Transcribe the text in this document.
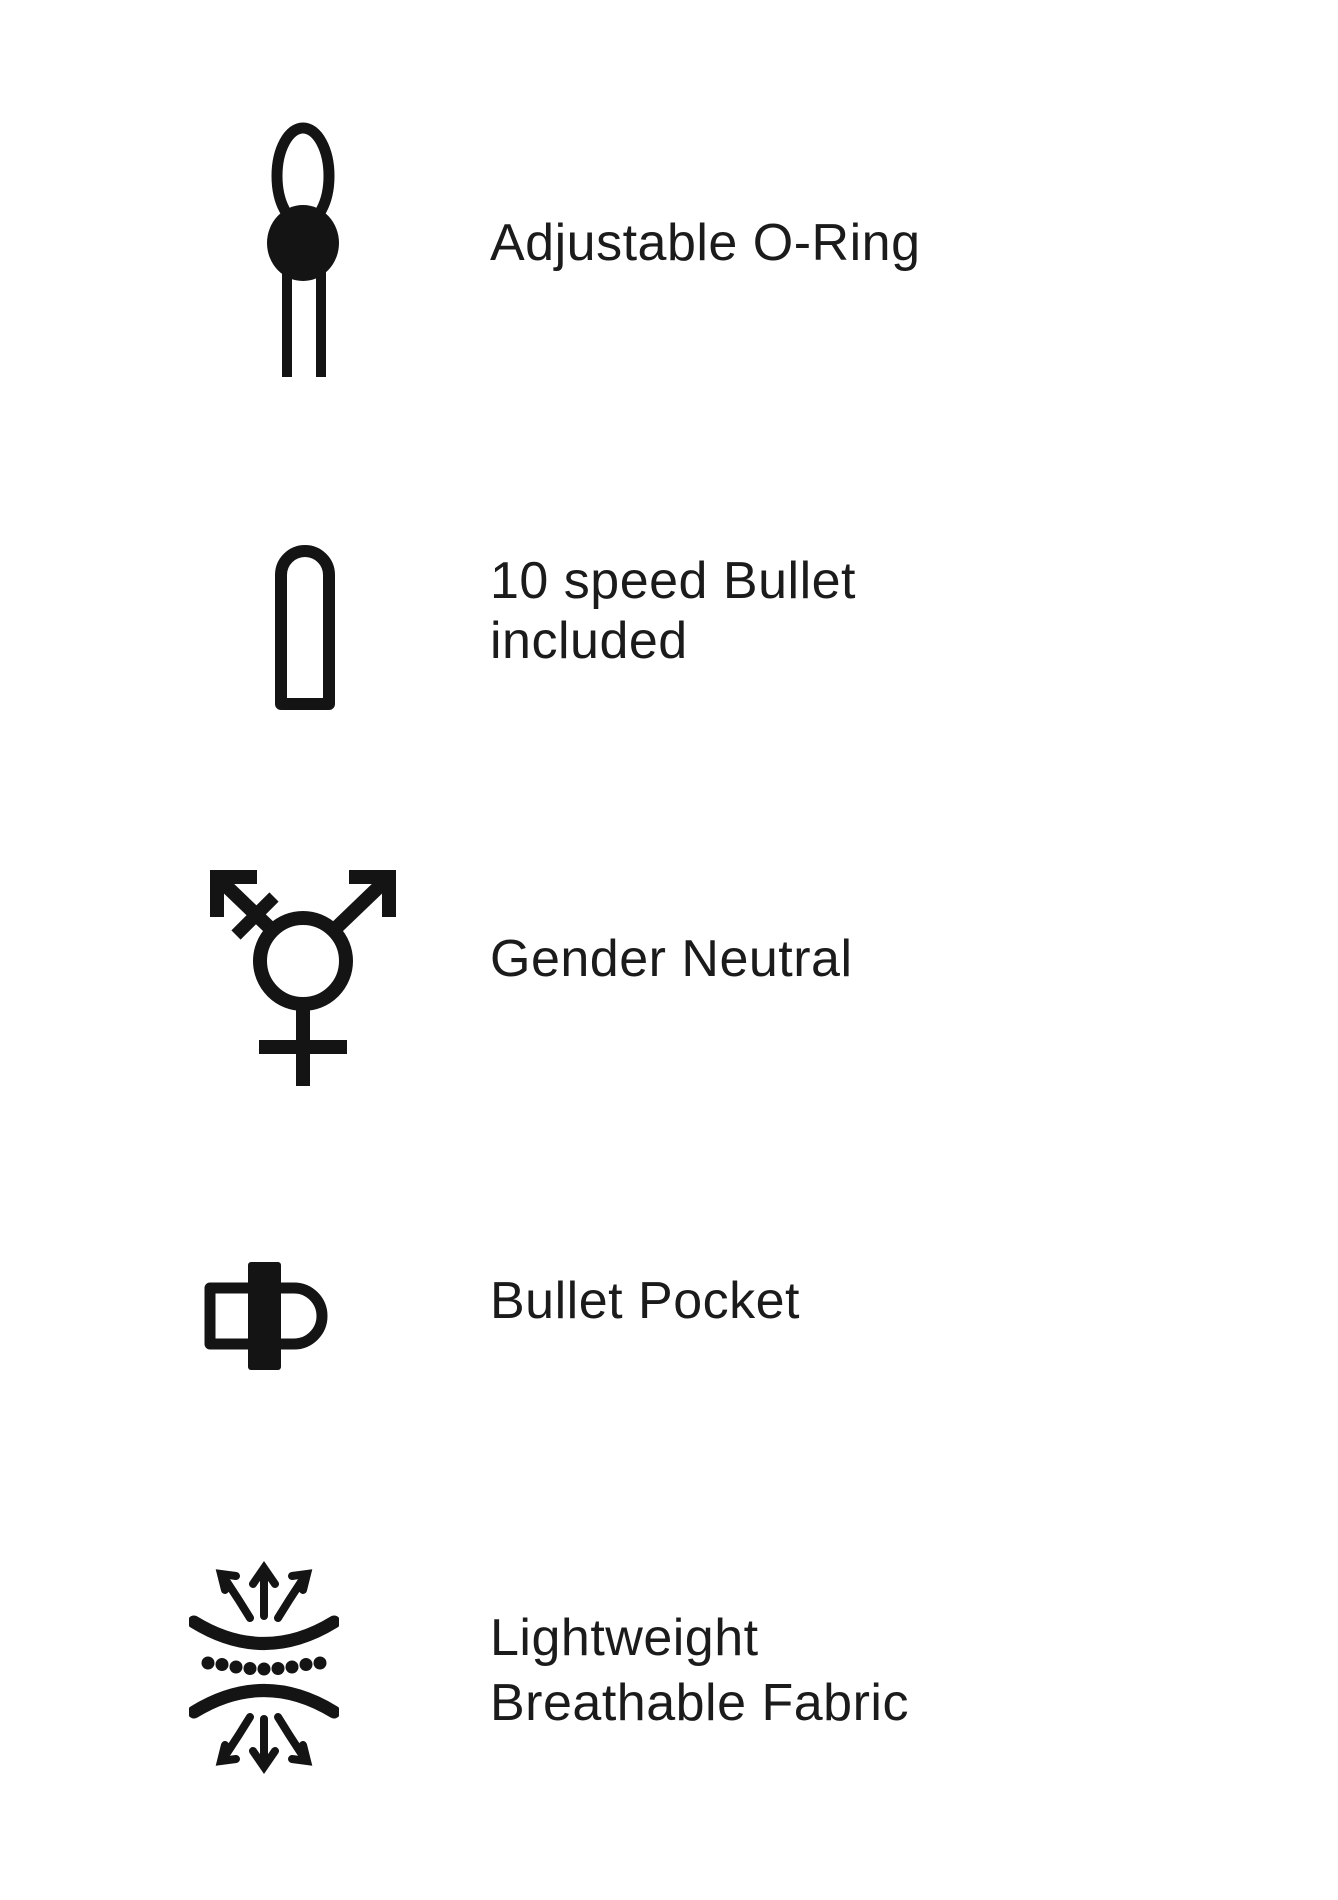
Adjustable O-Ring
10 speed Bullet
included
Gender Neutral
Bullet Pocket
Lightweight
Breathable Fabric
